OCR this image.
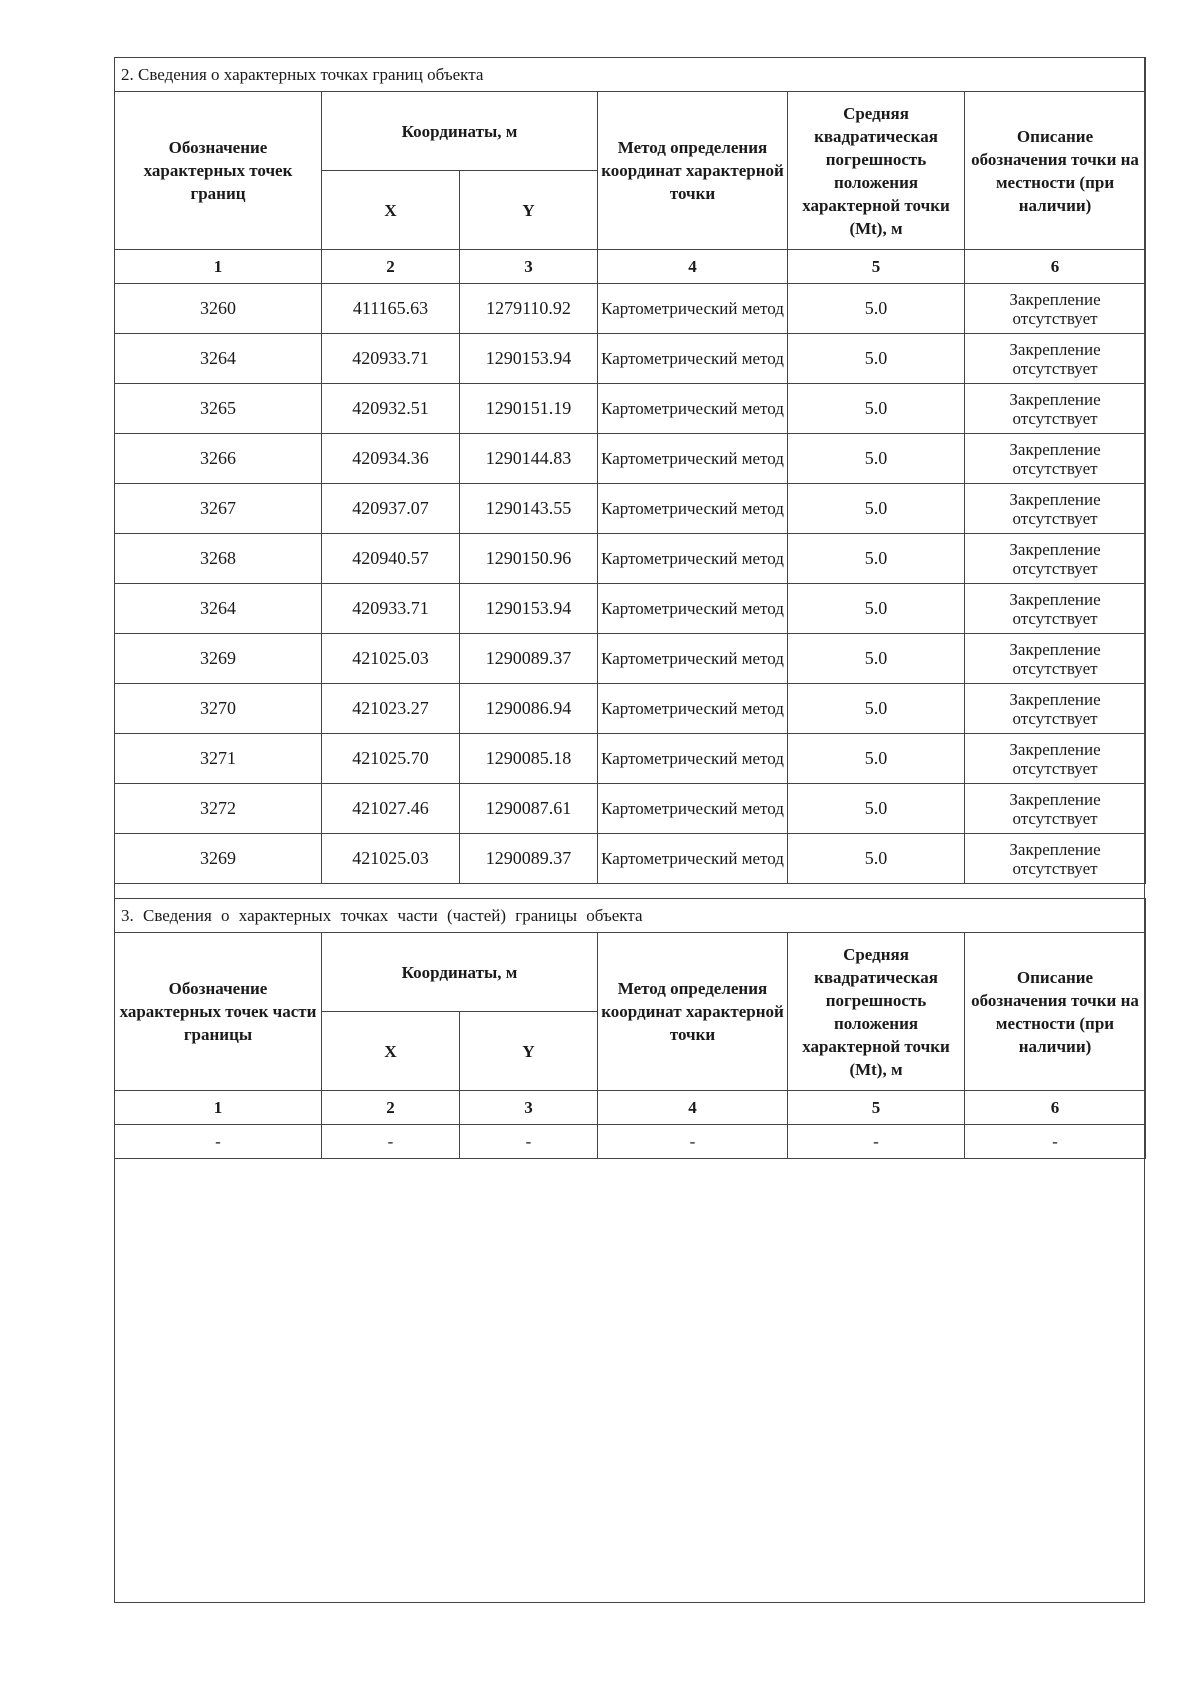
2. Сведения о характерных точках границ объекта					
Обозначение характерных точек границ	Координаты, м		Метод определения координат характерной точки	Средняя квадратическая погрешность положения характерной точки (Mt), м	Описание обозначения точки на местности (при наличии)
	X	Y			
1	2	3	4	5	6
3260	411165.63	1279110.92	Картометрический метод	5.0	Закрепление отсутствует
3264	420933.71	1290153.94	Картометрический метод	5.0	Закрепление отсутствует
3265	420932.51	1290151.19	Картометрический метод	5.0	Закрепление отсутствует
3266	420934.36	1290144.83	Картометрический метод	5.0	Закрепление отсутствует
3267	420937.07	1290143.55	Картометрический метод	5.0	Закрепление отсутствует
3268	420940.57	1290150.96	Картометрический метод	5.0	Закрепление отсутствует
3264	420933.71	1290153.94	Картометрический метод	5.0	Закрепление отсутствует
3269	421025.03	1290089.37	Картометрический метод	5.0	Закрепление отсутствует
3270	421023.27	1290086.94	Картометрический метод	5.0	Закрепление отсутствует
3271	421025.70	1290085.18	Картометрический метод	5.0	Закрепление отсутствует
3272	421027.46	1290087.61	Картометрический метод	5.0	Закрепление отсутствует
3269	421025.03	1290089.37	Картометрический метод	5.0	Закрепление отсутствует
3. Сведения о характерных точках части (частей) границы объекта					
Обозначение характерных точек части границы	Координаты, м		Метод определения координат характерной точки	Средняя квадратическая погрешность положения характерной точки (Mt), м	Описание обозначения точки на местности (при наличии)
	X	Y			
1	2	3	4	5	6
-	-	-	-	-	-
